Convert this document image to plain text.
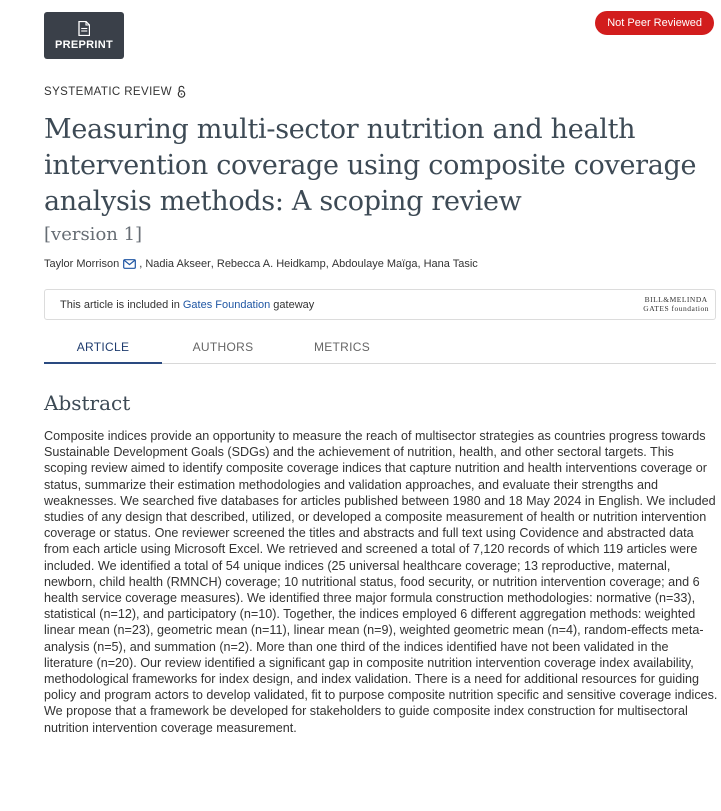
PREPRINT
Not Peer Reviewed
SYSTEMATIC REVIEW
Measuring multi-sector nutrition and health intervention coverage using composite coverage analysis methods: A scoping review
[version 1]
Taylor Morrison , Nadia Akseer , Rebecca A. Heidkamp , Abdoulaye Maïga , Hana Tasic
This article is included in Gates Foundation gateway	BILL&MELINDA
GATES foundation
ARTICLE	AUTHORS	METRICS
Abstract

Composite indices provide an opportunity to measure the reach of multisector strategies as countries progress towards Sustainable Development Goals (SDGs) and the achievement of nutrition, health, and other sectoral targets. This scoping review aimed to identify composite coverage indices that capture nutrition and health interventions coverage or status, summarize their estimation methodologies and validation approaches, and evaluate their strengths and weaknesses. We searched five databases for articles published between 1980 and 18 May 2024 in English. We included studies of any design that described, utilized, or developed a composite measurement of health or nutrition intervention coverage or status. One reviewer screened the titles and abstracts and full text using Covidence and abstracted data from each article using Microsoft Excel. We retrieved and screened a total of 7,120 records of which 119 articles were included. We identified a total of 54 unique indices (25 universal healthcare coverage; 13 reproductive, maternal, newborn, child health (RMNCH) coverage; 10 nutritional status, food security, or nutrition intervention coverage; and 6 health service coverage measures). We identified three major formula construction methodologies: normative (n=33), statistical (n=12), and participatory (n=10). Together, the indices employed 6 different aggregation methods: weighted linear mean (n=23), geometric mean (n=11), linear mean (n=9), weighted geometric mean (n=4), random-effects meta-analysis (n=5), and summation (n=2). More than one third of the indices identified have not been validated in the literature (n=20). Our review identified a significant gap in composite nutrition intervention coverage index availability, methodological frameworks for index design, and index validation. There is a need for additional resources for guiding policy and program actors to develop validated, fit to purpose composite nutrition specific and sensitive coverage indices. We propose that a framework be developed for stakeholders to guide composite index construction for multisectoral nutrition intervention coverage measurement.
